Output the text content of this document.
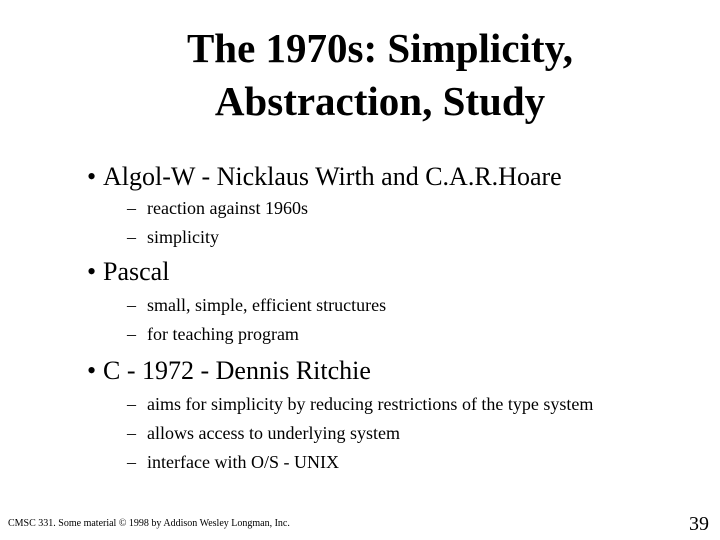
The 1970s: Simplicity,
Abstraction, Study
• Algol-W - Nicklaus Wirth and C.A.R.Hoare
– reaction against 1960s
– simplicity
• Pascal
– small, simple, efficient structures
– for teaching program
• C - 1972 - Dennis Ritchie
– aims for simplicity by reducing restrictions of the type system
– allows access to underlying system
– interface with O/S - UNIX
CMSC 331. Some material © 1998 by Addison Wesley Longman, Inc.	39
